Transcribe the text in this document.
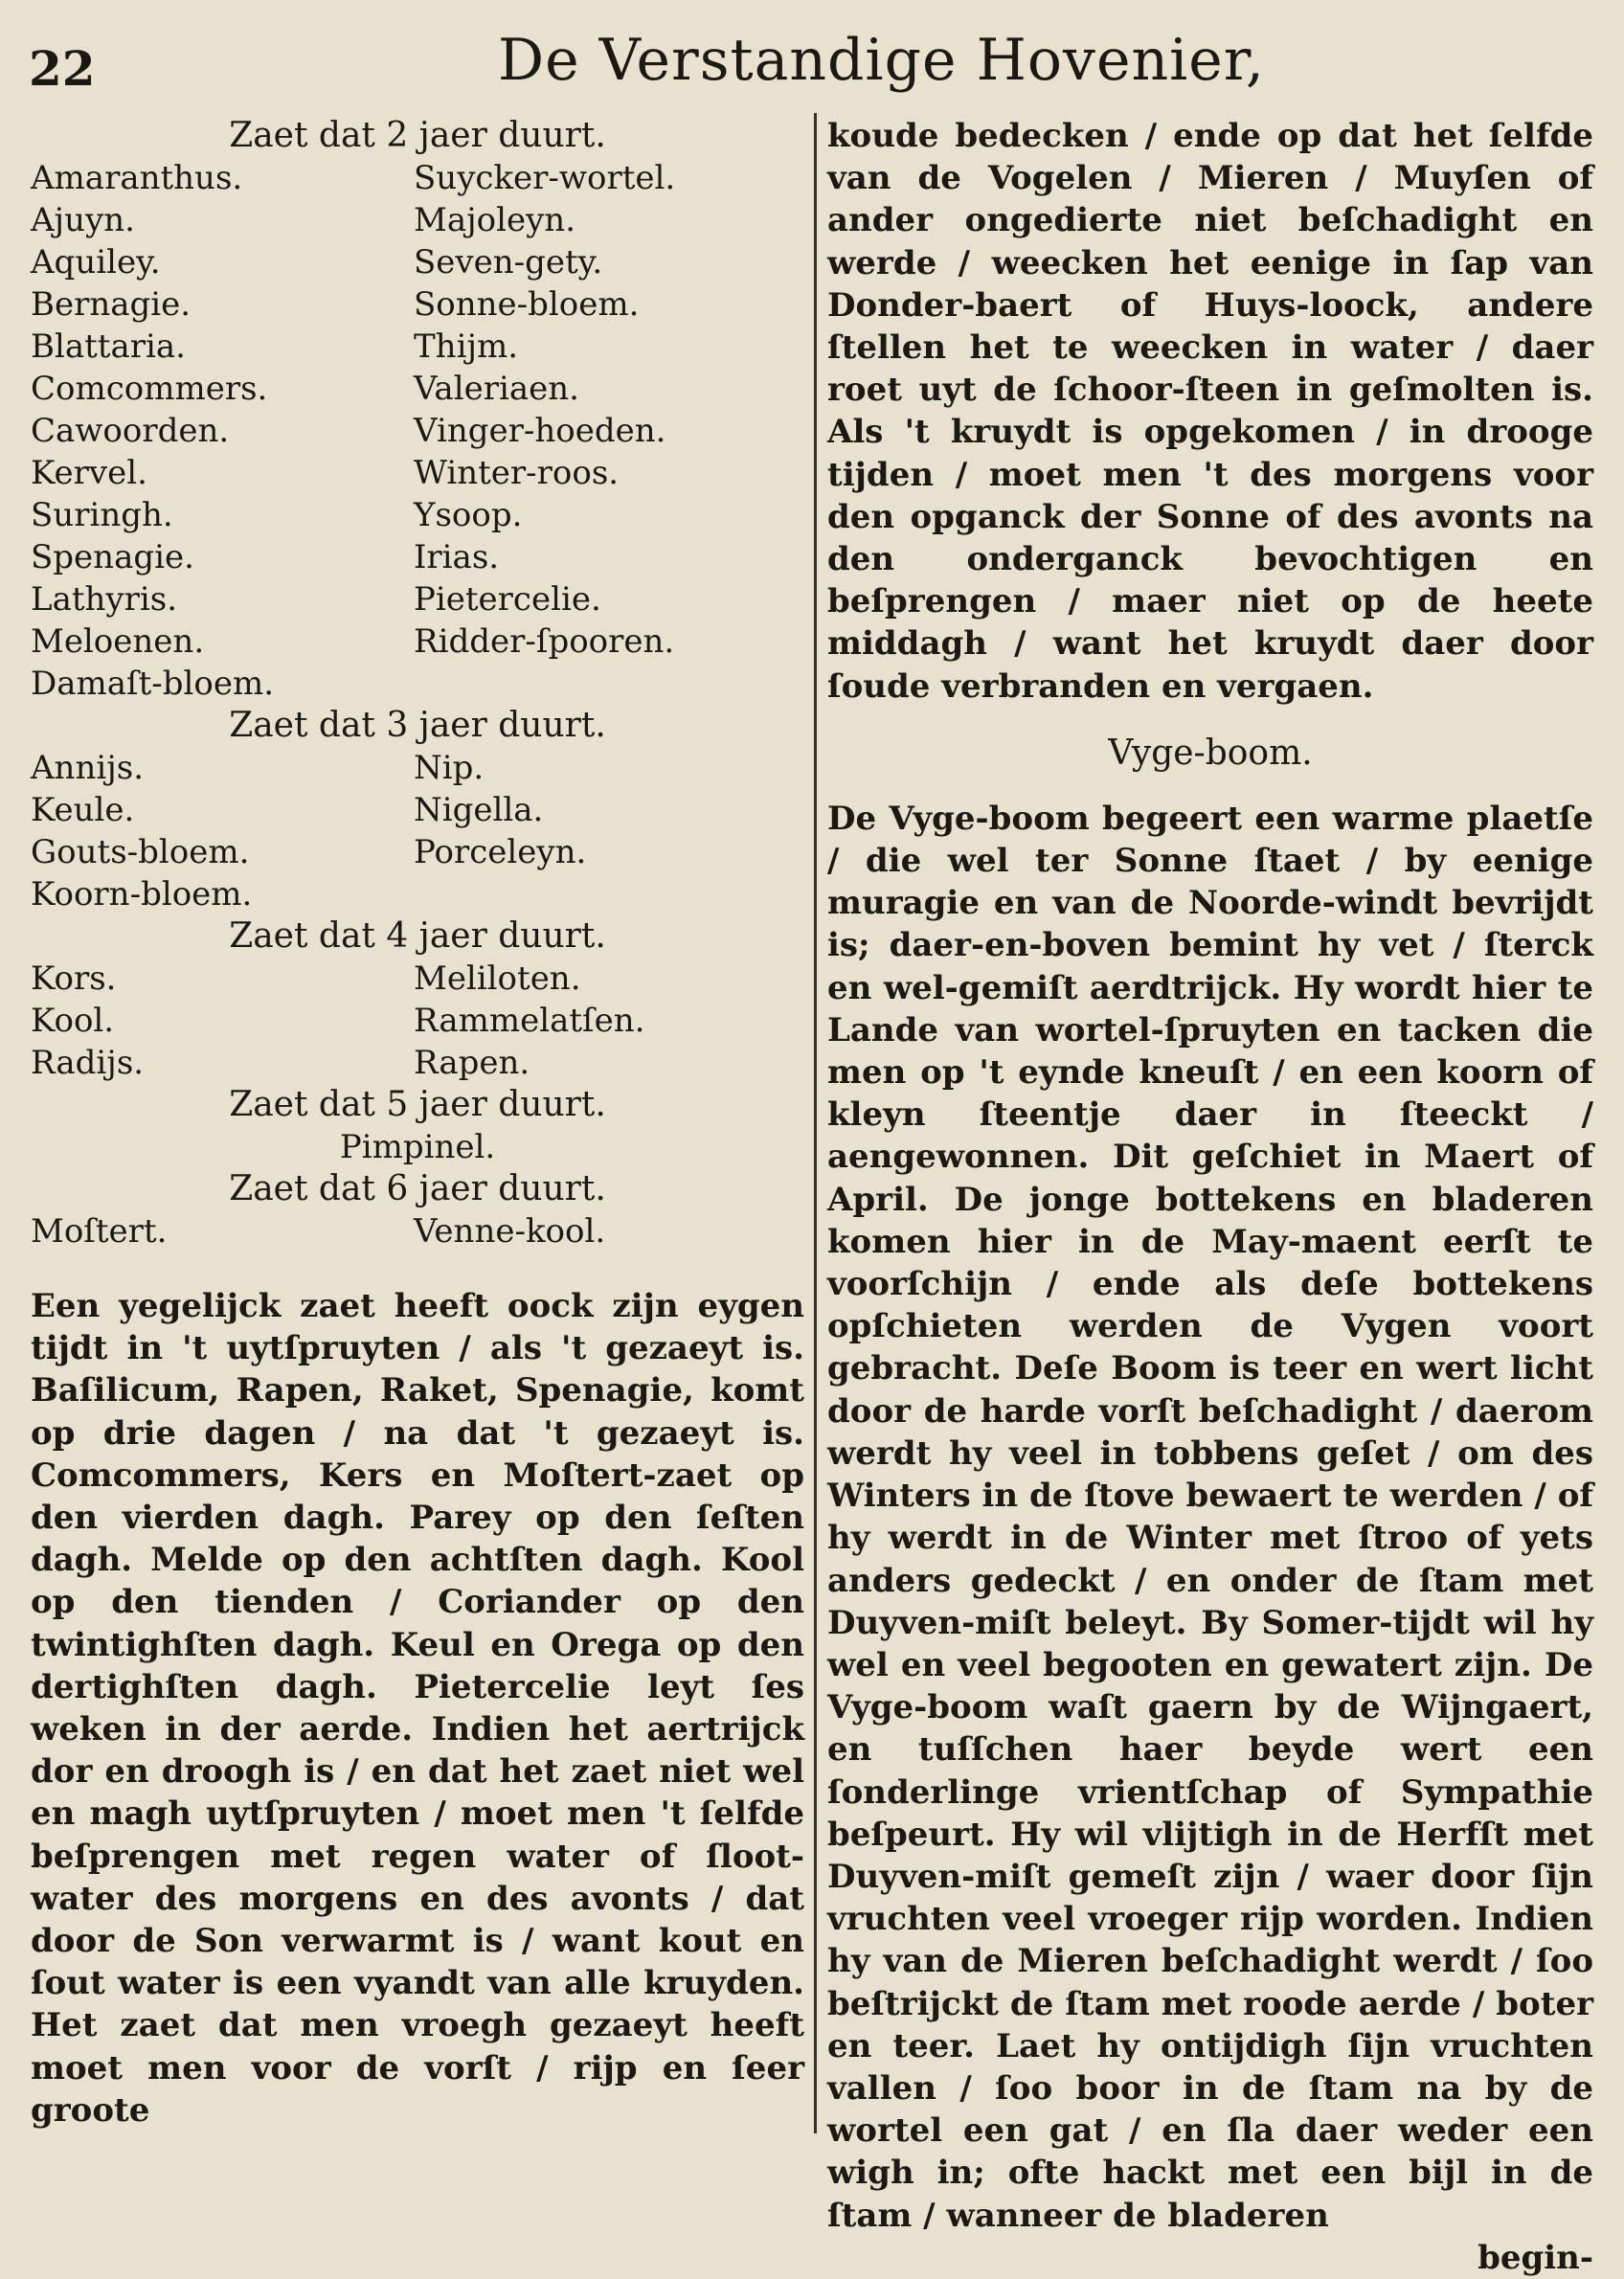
22	De Verstandige Hovenier,
Zaet dat 2 jaer duurt.
Amaranthus.	Suycker-wortel.
Ajuyn.	Majoleyn.
Aquiley.	Seven-gety.
Bernagie.	Sonne-bloem.
Blattaria.	Thijm.
Comcommers.	Valeriaen.
Cawoorden.	Vinger-hoeden.
Kervel.	Winter-roos.
Suringh.	Ysoop.
Spenagie.	Irias.
Lathyris.	Pietercelie.
Meloenen.	Ridder-ſpooren.
Damaſt-bloem.
Zaet dat 3 jaer duurt.
Annijs.	Nip.
Keule.	Nigella.
Gouts-bloem.	Porceleyn.
Koorn-bloem.
Zaet dat 4 jaer duurt.
Kors.	Meliloten.
Kool.	Rammelatſen.
Radijs.	Rapen.
Zaet dat 5 jaer duurt.
Pimpinel.
Zaet dat 6 jaer duurt.
Moſtert.	Venne-kool.

Een yegelijck zaet heeft oock zijn eygen tijdt in 't uytſpruyten / als 't gezaeyt is. Baſilicum, Rapen, Raket, Spenagie, komt op drie dagen / na dat 't gezaeyt is. Comcommers, Kers en Moſtert-zaet op den vierden dagh. Parey op den ſeſten dagh. Melde op den achtſten dagh. Kool op den tienden / Coriander op den twintighſten dagh. Keul en Orega op den dertighſten dagh. Pietercelie leyt ſes weken in der aerde. Indien het aertrijck dor en droogh is / en dat het zaet niet wel en magh uytſpruyten / moet men 't ſelfde beſprengen met regen water of ſloot-water des morgens en des avonts / dat door de Son verwarmt is / want kout en ſout water is een vyandt van alle kruyden. Het zaet dat men vroegh gezaeyt heeft moet men voor de vorſt / rijp en ſeer groote

koude bedecken / ende op dat het ſelfde van de Vogelen / Mieren / Muyſen of ander ongedierte niet beſchadight en werde / weecken het eenige in ſap van Donder-baert of Huys-loock, andere ſtellen het te weecken in water / daer roet uyt de ſchoor-ſteen in geſmolten is. Als 't kruydt is opgekomen / in drooge tijden / moet men 't des morgens voor den opganck der Sonne of des avonts na den onderganck bevochtigen en beſprengen / maer niet op de heete middagh / want het kruydt daer door ſoude verbranden en vergaen.

Vyge-boom.

De Vyge-boom begeert een warme plaetſe / die wel ter Sonne ſtaet / by eenige muragie en van de Noorde-windt bevrijdt is; daer-en-boven bemint hy vet / ſterck en wel-gemiſt aerdtrijck. Hy wordt hier te Lande van wortel-ſpruyten en tacken die men op 't eynde kneuſt / en een koorn of kleyn ſteentje daer in ſteeckt / aengewonnen. Dit geſchiet in Maert of April. De jonge bottekens en bladeren komen hier in de May-maent eerſt te voorſchijn / ende als deſe bottekens opſchieten werden de Vygen voort gebracht. Deſe Boom is teer en wert licht door de harde vorſt beſchadight / daerom werdt hy veel in tobbens geſet / om des Winters in de ſtove bewaert te werden / of hy werdt in de Winter met ſtroo of yets anders gedeckt / en onder de ſtam met Duyven-miſt beleyt. By Somer-tijdt wil hy wel en veel begooten en gewatert zijn. De Vyge-boom waſt gaern by de Wijngaert, en tuſſchen haer beyde wert een ſonderlinge vrientſchap of Sympathie beſpeurt. Hy wil vlijtigh in de Herfſt met Duyven-miſt gemeſt zijn / waer door ſijn vruchten veel vroeger rijp worden. Indien hy van de Mieren beſchadight werdt / ſoo beſtrijckt de ſtam met roode aerde / boter en teer. Laet hy ontijdigh ſijn vruchten vallen / ſoo boor in de ſtam na by de wortel een gat / en ſla daer weder een wigh in; ofte hackt met een bijl in de ſtam / wanneer de bladeren

begin-
